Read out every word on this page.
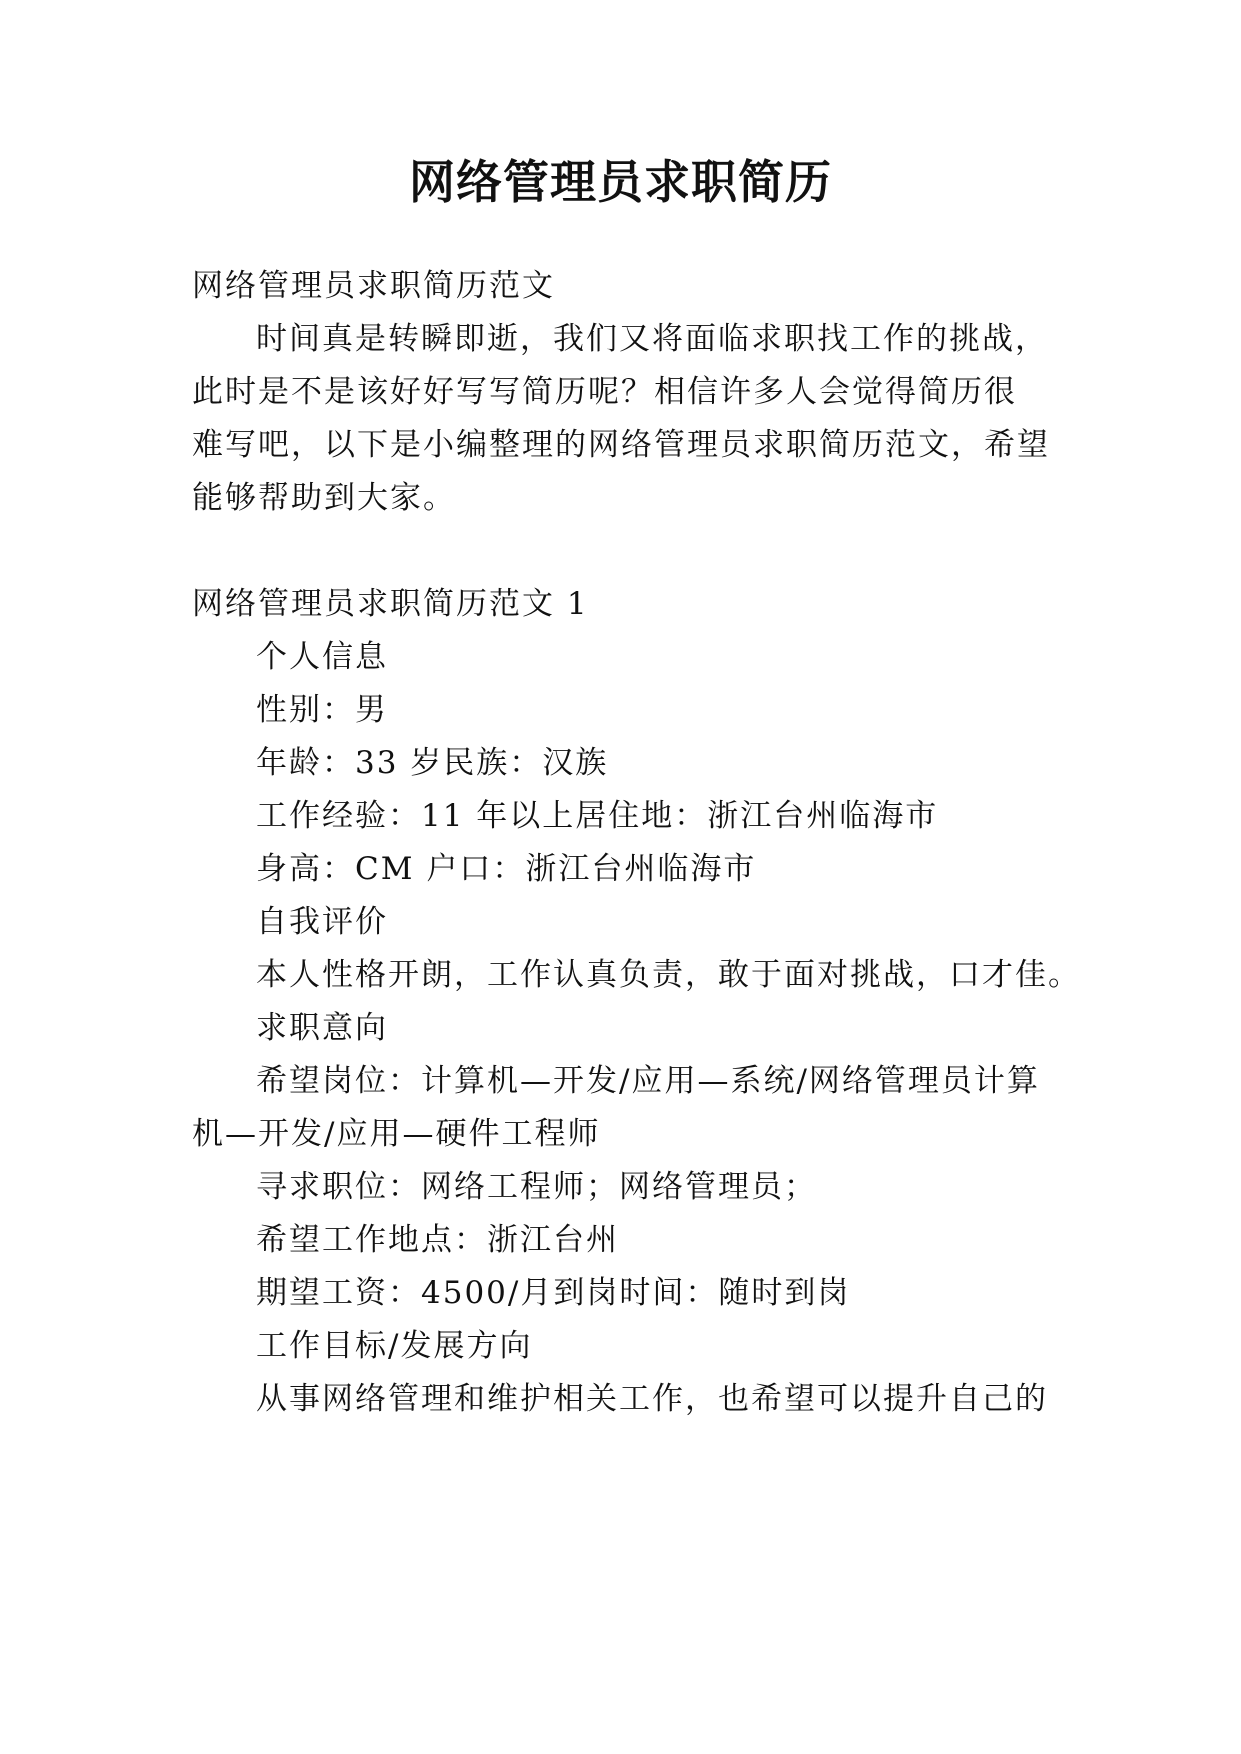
网络管理员求职简历
网络管理员求职简历范文
时间真是转瞬即逝，我们又将面临求职找工作的挑战，
此时是不是该好好写写简历呢？相信许多人会觉得简历很
难写吧，以下是小编整理的网络管理员求职简历范文，希望
能够帮助到大家。
网络管理员求职简历范文 1
个人信息
性别：男
年龄：33 岁民族：汉族
工作经验：11 年以上居住地：浙江台州临海市
身高：CM 户口：浙江台州临海市
自我评价
本人性格开朗，工作认真负责，敢于面对挑战，口才佳。
求职意向
希望岗位：计算机—开发/应用—系统/网络管理员计算
机—开发/应用—硬件工程师
寻求职位：网络工程师；网络管理员；
希望工作地点：浙江台州
期望工资：4500/月到岗时间：随时到岗
工作目标/发展方向
从事网络管理和维护相关工作，也希望可以提升自己的
